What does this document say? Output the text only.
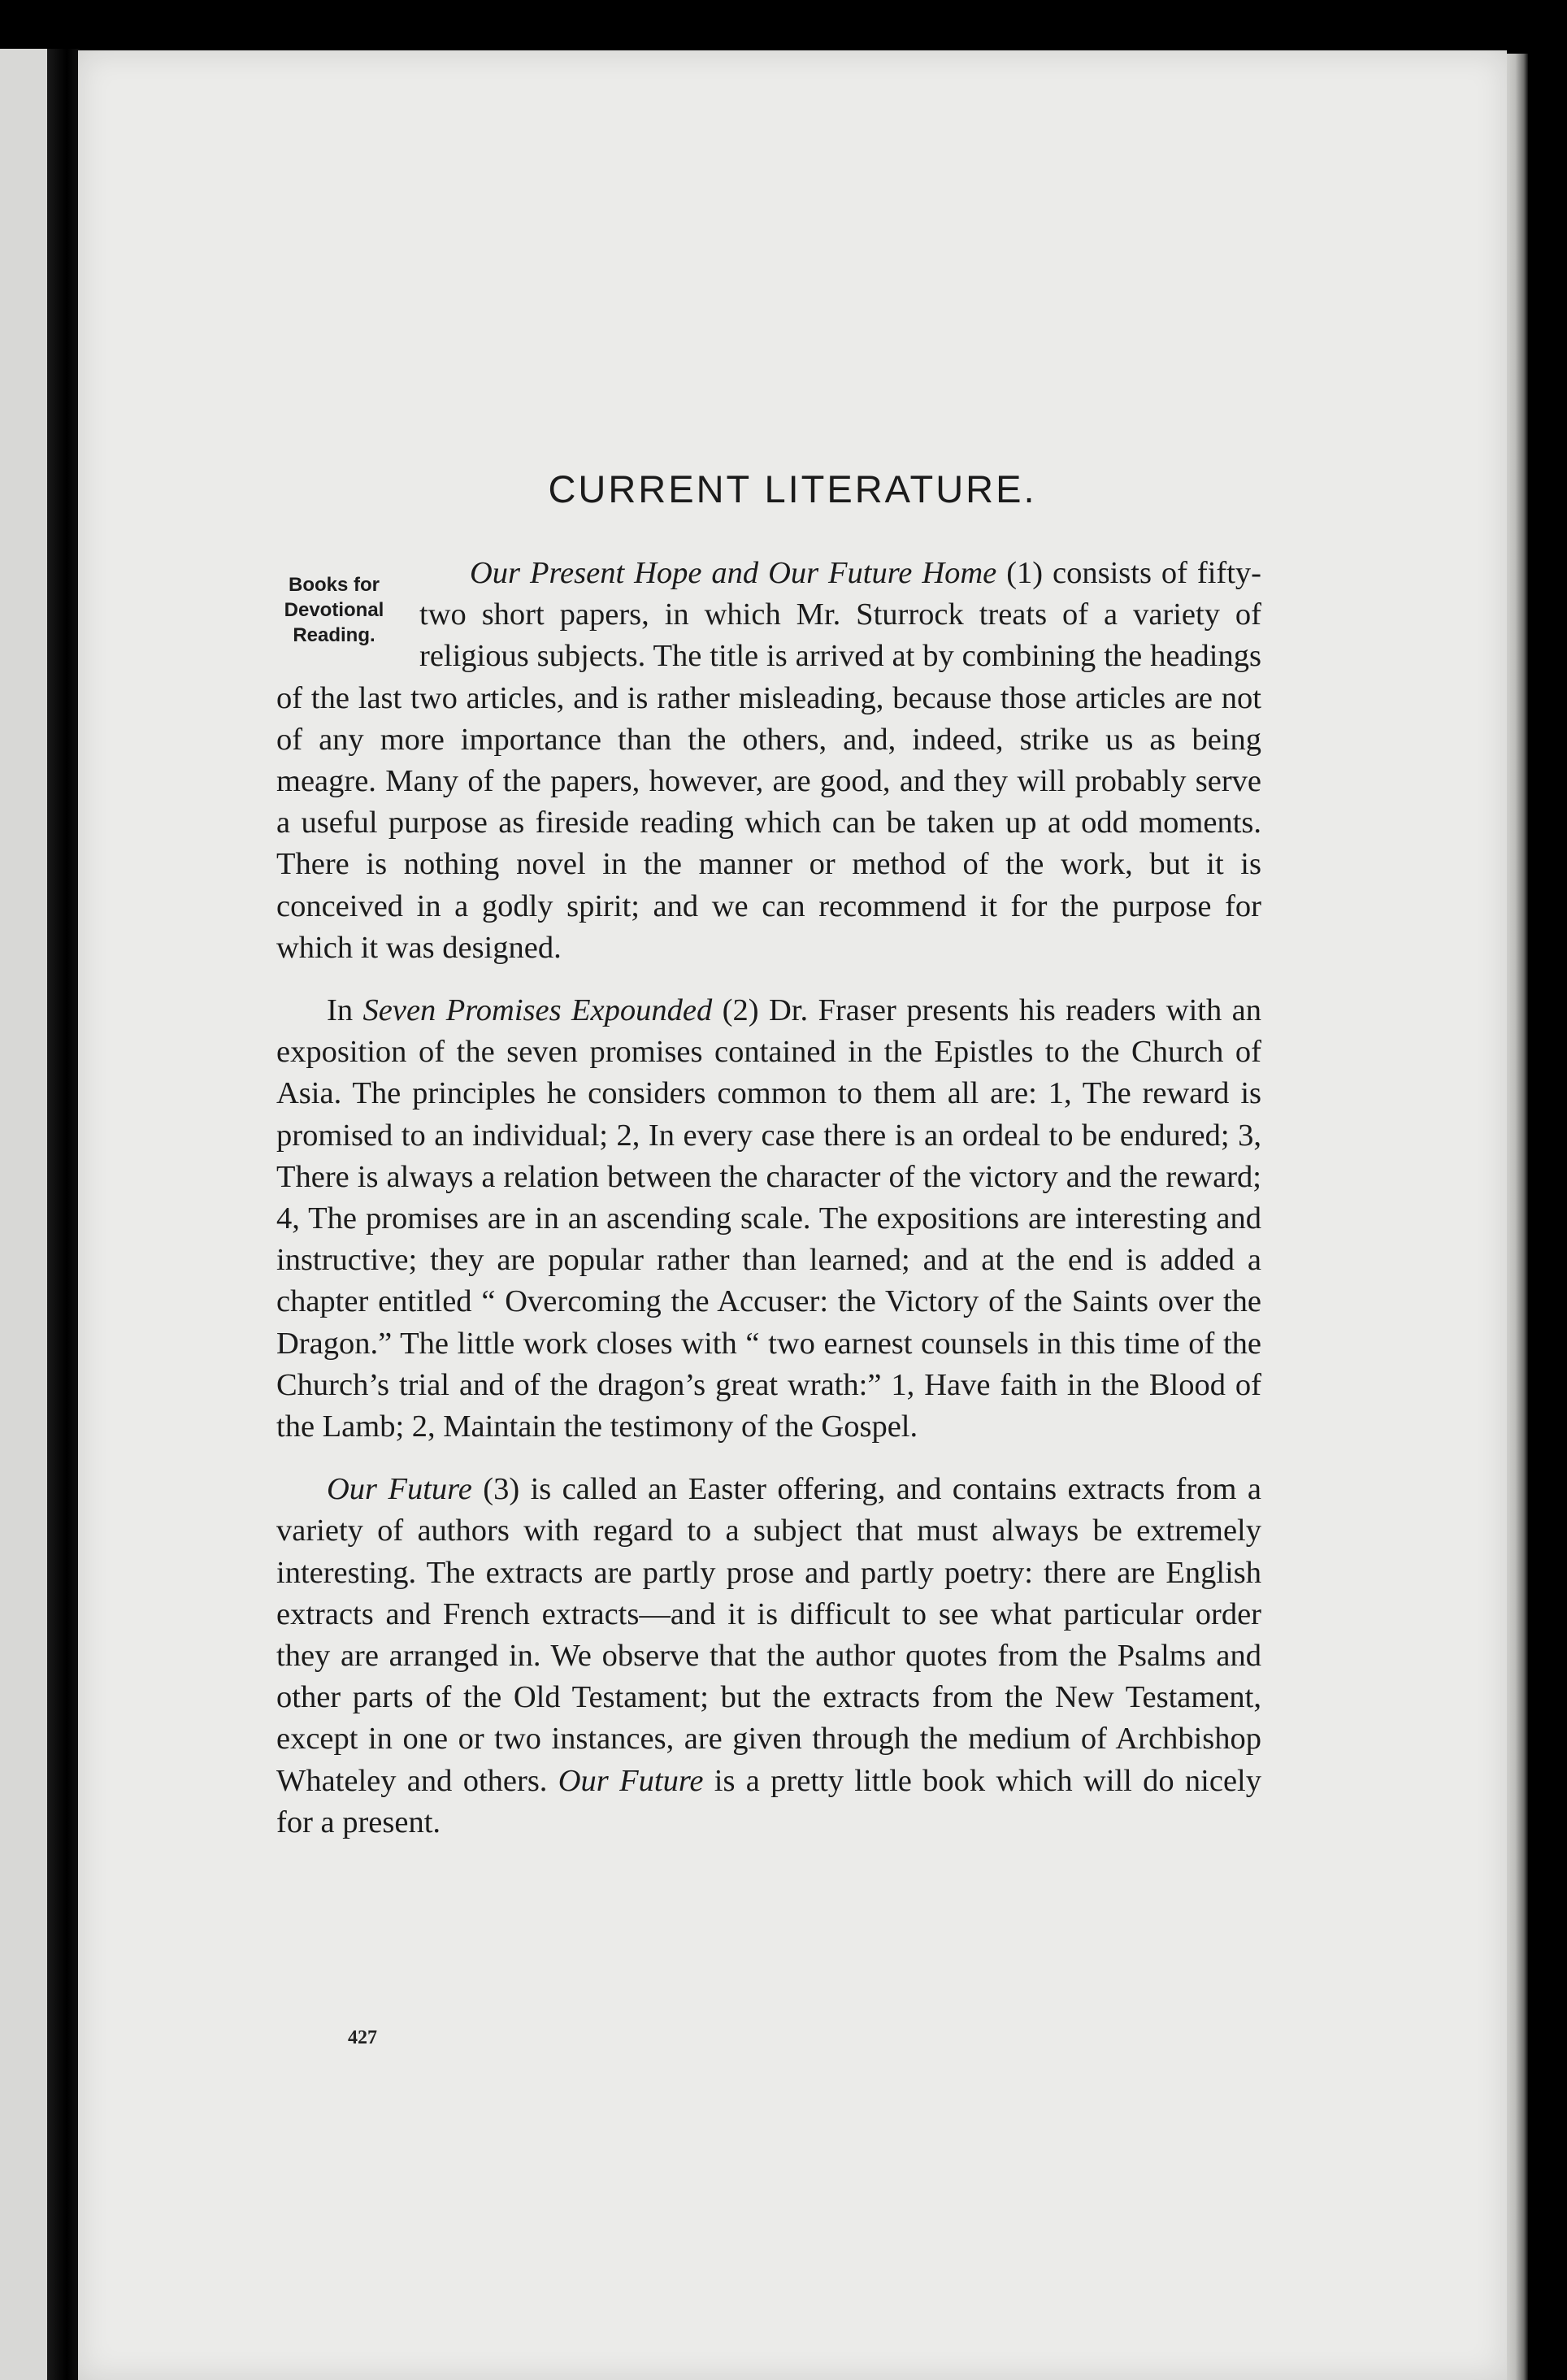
CURRENT LITERATURE.
Books for
Devotional
Reading.

Our Present Hope and Our Future Home (1) consists of fifty-two short papers, in which Mr. Sturrock treats of a variety of religious subjects. The title is arrived at by combining the headings of the last two articles, and is rather misleading, because those articles are not of any more importance than the others, and, indeed, strike us as being meagre. Many of the papers, however, are good, and they will probably serve a useful purpose as fireside reading which can be taken up at odd moments. There is nothing novel in the manner or method of the work, but it is conceived in a godly spirit; and we can recommend it for the purpose for which it was designed.

In Seven Promises Expounded (2) Dr. Fraser presents his readers with an exposition of the seven promises contained in the Epistles to the Church of Asia. The principles he considers common to them all are: 1, The reward is promised to an individual; 2, In every case there is an ordeal to be endured; 3, There is always a relation between the character of the victory and the reward; 4, The promises are in an ascending scale. The expositions are interesting and instructive; they are popular rather than learned; and at the end is added a chapter entitled “ Overcoming the Accuser: the Victory of the Saints over the Dragon.” The little work closes with “ two earnest counsels in this time of the Church’s trial and of the dragon’s great wrath:” 1, Have faith in the Blood of the Lamb; 2, Maintain the testimony of the Gospel.

Our Future (3) is called an Easter offering, and contains extracts from a variety of authors with regard to a subject that must always be extremely interesting. The extracts are partly prose and partly poetry: there are English extracts and French extracts—and it is difficult to see what particular order they are arranged in. We observe that the author quotes from the Psalms and other parts of the Old Testament; but the extracts from the New Testament, except in one or two instances, are given through the medium of Archbishop Whateley and others. Our Future is a pretty little book which will do nicely for a present.

427
